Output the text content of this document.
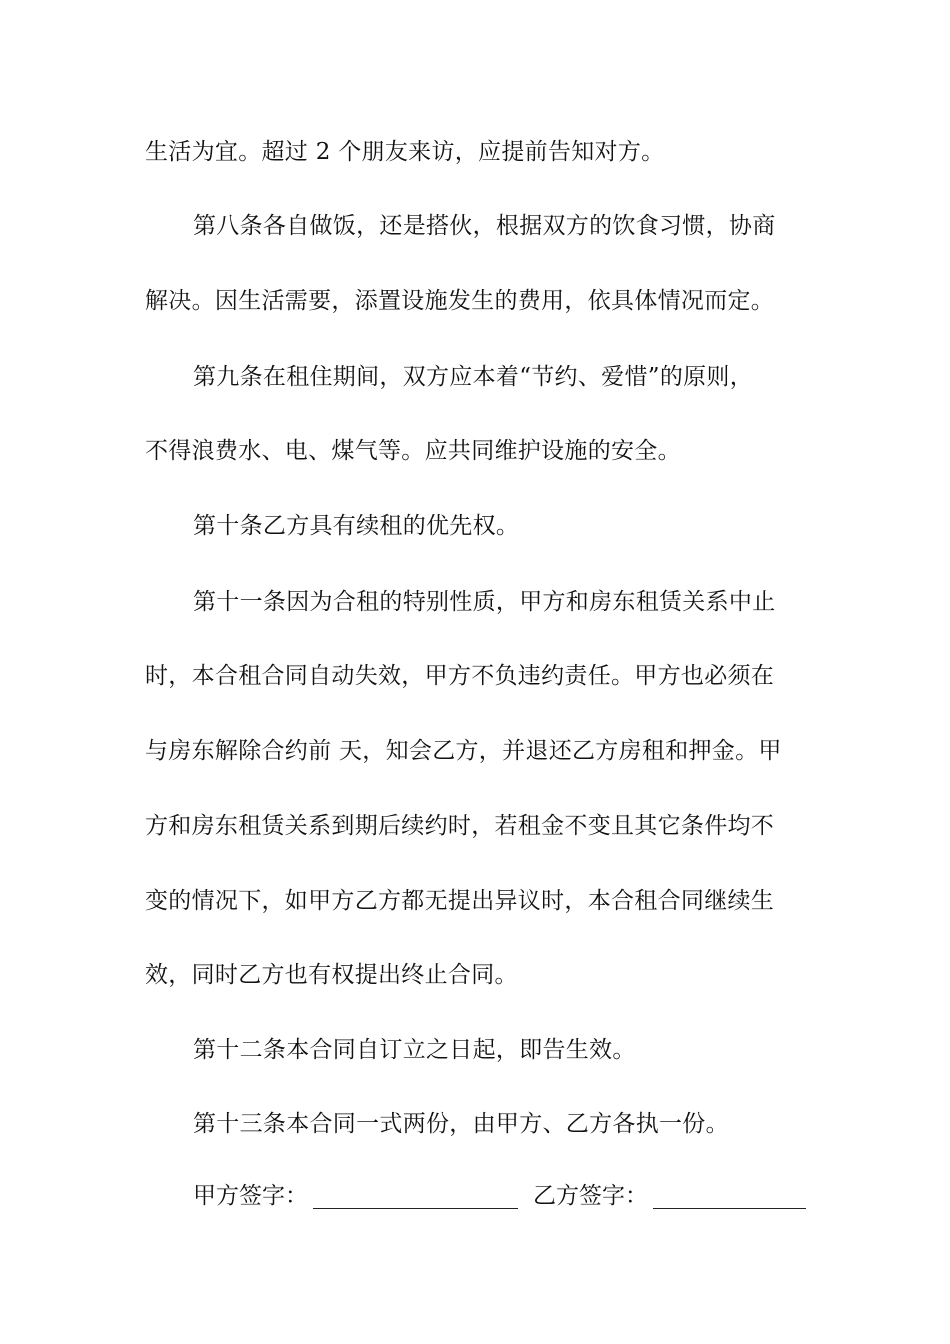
生活为宜。超过 2 个朋友来访，应提前告知对方。
第八条各自做饭，还是搭伙，根据双方的饮食习惯，协商
解决。因生活需要，添置设施发生的费用，依具体情况而定。
第九条在租住期间，双方应本着“节约、爱惜”的原则，
不得浪费水、电、煤气等。应共同维护设施的安全。
第十条乙方具有续租的优先权。
第十一条因为合租的特别性质，甲方和房东租赁关系中止
时，本合租合同自动失效，甲方不负违约责任。甲方也必须在
与房东解除合约前 天，知会乙方，并退还乙方房租和押金。甲
方和房东租赁关系到期后续约时，若租金不变且其它条件均不
变的情况下，如甲方乙方都无提出异议时，本合租合同继续生
效，同时乙方也有权提出终止合同。
第十二条本合同自订立之日起，即告生效。
第十三条本合同一式两份，由甲方、乙方各执一份。
甲方签字：	乙方签字：
